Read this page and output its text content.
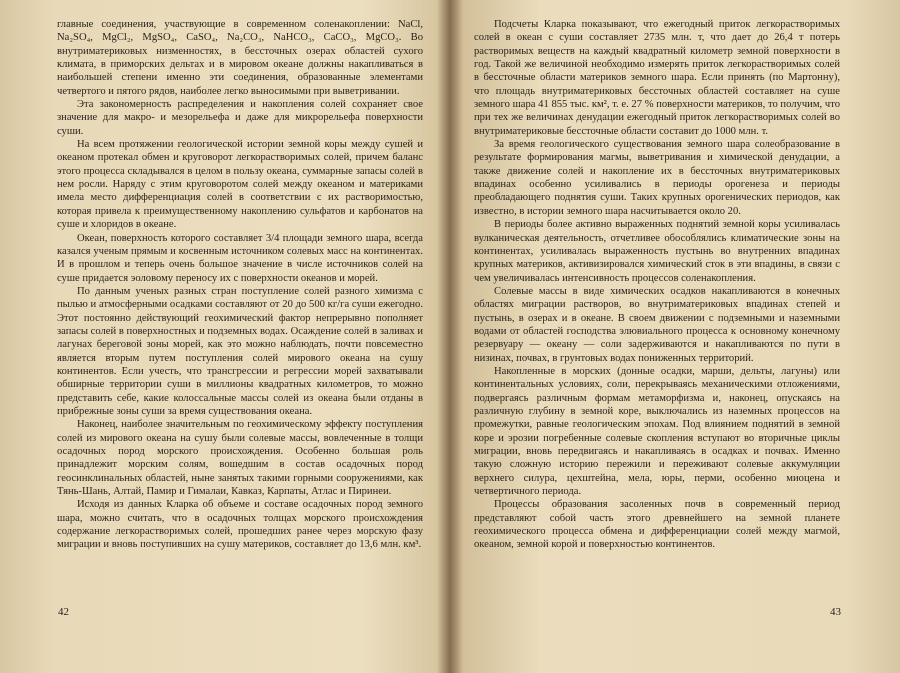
главные соединения, участвующие в современном соленакоплении: NaCl, Na₂SO₄, MgCl₂, MgSO₄, CaSO₄, Na₂CO₃, NaHCO₃, CaCO₃, MgCO₃. Во внутриматериковых низменностях, в бессточных озерах областей сухого климата, в приморских дельтах и в мировом океане должны накапливаться в наибольшей степени именно эти соединения, образованные элементами четвертого и пятого рядов, наиболее легко выносимыми при выветривании.

Эта закономерность распределения и накопления солей сохраняет свое значение для макро- и мезорельефа и даже для микрорельефа поверхности суши.

На всем протяжении геологической истории земной коры между сушей и океаном протекал обмен и круговорот легкорастворимых солей, причем баланс этого процесса складывался в целом в пользу океана, суммарные запасы солей в нем росли. Наряду с этим круговоротом солей между океаном и материками имела место дифференциация солей в соответствии с их растворимостью, которая привела к преимущественному накоплению сульфатов и карбонатов на суше и хлоридов в океане.

Океан, поверхность которого составляет 3/4 площади земного шара, всегда казался ученым прямым и косвенным источником солевых масс на континентах. И в прошлом и теперь очень большое значение в числе источников солей на суше придается эоловому переносу их с поверхности океанов и морей.

По данным ученых разных стран поступление солей разного химизма с пылью и атмосферными осадками составляют от 20 до 500 кг/га суши ежегодно. Этот постоянно действующий геохимический фактор непрерывно пополняет запасы солей в поверхностных и подземных водах. Осаждение солей в заливах и лагунах береговой зоны морей, как это можно наблюдать, почти повсеместно является вторым путем поступления солей мирового океана на сушу континентов. Если учесть, что трансгрессии и регрессии морей захватывали обширные территории суши в миллионы квадратных километров, то можно представить себе, какие колоссальные массы солей из океана были отданы в прибрежные зоны суши за время существования океана.

Наконец, наиболее значительным по геохимическому эффекту поступления солей из мирового океана на сушу были солевые массы, вовлеченные в толщи осадочных пород морского происхождения. Особенно большая роль принадлежит морским солям, вошедшим в состав осадочных пород геосинклинальных областей, ныне занятых такими горными сооружениями, как Тянь-Шань, Алтай, Памир и Гималаи, Кавказ, Карпаты, Атлас и Пиринеи.

Исходя из данных Кларка об объеме и составе осадочных пород земного шара, можно считать, что в осадочных толщах морского происхождения содержание легкорастворимых солей, прошедших ранее через морскую фазу миграции и вновь поступивших на сушу материков, составляет до 13,6 млн. км³.

42

Подсчеты Кларка показывают, что ежегодный приток легкорастворимых солей в океан с суши составляет 2735 млн. т, что дает до 26,4 т потерь растворимых веществ на каждый квадратный километр земной поверхности в год. Такой же величиной необходимо измерять приток легкорастворимых солей в бессточные области материков земного шара. Если принять (по Мартонну), что площадь внутриматериковых бессточных областей составляет на суше земного шара 41 855 тыс. км², т. е. 27 % поверхности материков, то получим, что при тех же величинах денудации ежегодный приток легкорастворимых солей во внутриматериковые бессточные области составит до 1000 млн. т.

За время геологического существования земного шара солеобразование в результате формирования магмы, выветривания и химической денудации, а также движение солей и накопление их в бессточных внутриматериковых впадинах особенно усиливались в периоды орогенеза и периоды преобладающего поднятия суши. Таких крупных орогенических периодов, как известно, в истории земного шара насчитывается около 20.

В периоды более активно выраженных поднятий земной коры усиливалась вулканическая деятельность, отчетливее обособлялись климатические зоны на континентах, усиливалась выраженность пустынь во внутренних впадинах крупных материков, активизировался химический сток в эти впадины, в связи с чем увеличивалась интенсивность процессов соленакопления.

Солевые массы в виде химических осадков накапливаются в конечных областях миграции растворов, во внутриматериковых впадинах степей и пустынь, в озерах и в океане. В своем движении с подземными и наземными водами от областей господства элювиального процесса к основному конечному резервуару — океану — соли задерживаются и накапливаются по пути в низинах, почвах, в грунтовых водах пониженных территорий.

Накопленные в морских (донные осадки, марши, дельты, лагуны) или континентальных условиях, соли, перекрываясь механическими отложениями, подвергаясь различным формам метаморфизма и, наконец, опускаясь на различную глубину в земной коре, выключались из наземных процессов на промежутки, равные геологическим эпохам. Под влиянием поднятий в земной коре и эрозии погребенные солевые скопления вступают во вторичные циклы миграции, вновь передвигаясь и накапливаясь в осадках и почвах. Именно такую сложную историю пережили и переживают солевые аккумуляции верхнего силура, цехштейна, мела, юры, перми, особенно миоцена и четвертичного периода.

Процессы образования засоленных почв в современный период представляют собой часть этого древнейшего на земной планете геохимического процесса обмена и дифференциации солей между магмой, океаном, земной корой и поверхностью континентов.

43
